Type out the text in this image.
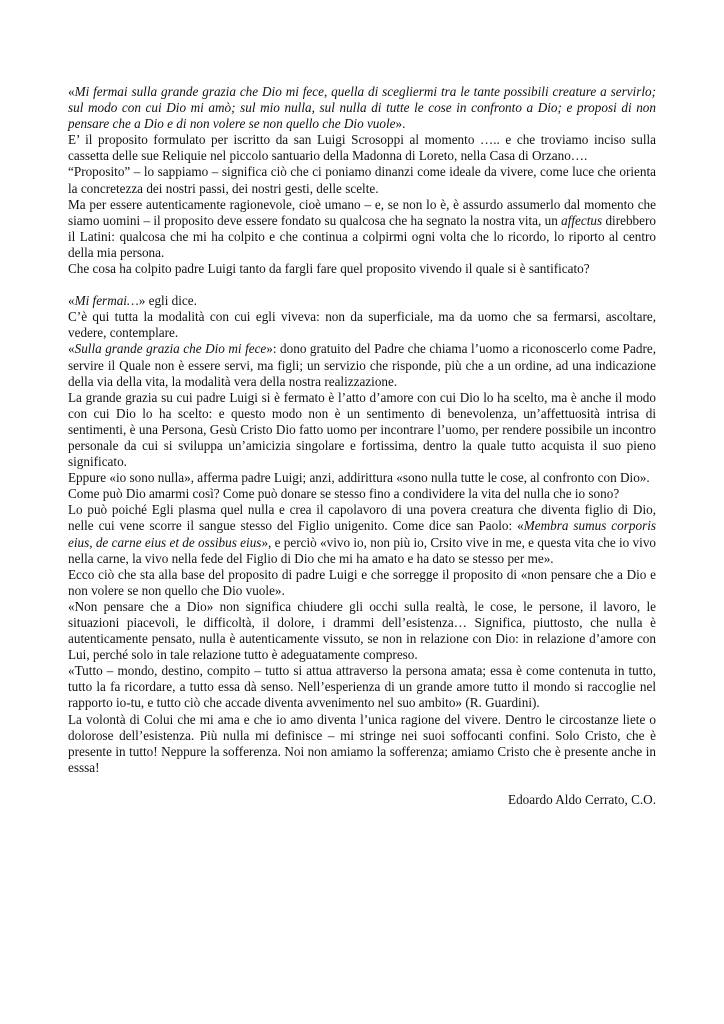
«Mi fermai sulla grande grazia che Dio mi fece, quella di scegliermi tra le tante possibili creature a servirlo; sul modo con cui Dio mi amò; sul mio nulla, sul nulla di tutte le cose in confronto a Dio; e proposi di non pensare che a Dio e di non volere se non quello che Dio vuole».

E’ il proposito formulato per iscritto da san Luigi Scrosoppi al momento ….. e che troviamo inciso sulla cassetta delle sue Reliquie nel piccolo santuario della Madonna di Loreto, nella Casa di Orzano….

“Proposito” – lo sappiamo – significa ciò che ci poniamo dinanzi come ideale da vivere, come luce che orienta la concretezza dei nostri passi, dei nostri gesti, delle scelte.

Ma per essere autenticamente ragionevole, cioè umano – e, se non lo è, è assurdo assumerlo dal momento che siamo uomini – il proposito deve essere fondato su qualcosa che ha segnato la nostra vita, un affectus direbbero il Latini: qualcosa che mi ha colpito e che continua a colpirmi ogni volta che lo ricordo, lo riporto al centro della mia persona.

Che cosa ha colpito padre Luigi tanto da fargli fare quel proposito vivendo il quale si è santificato?

«Mi fermai…» egli dice.

C’è qui tutta la modalità con cui egli viveva: non da superficiale, ma da uomo che sa fermarsi, ascoltare, vedere, contemplare.

«Sulla grande grazia che Dio mi fece»: dono gratuito del Padre che chiama l’uomo a riconoscerlo come Padre, servire il Quale non è essere servi, ma figli; un servizio che risponde, più che a un ordine, ad una indicazione della via della vita, la modalità vera della nostra realizzazione.

La grande grazia su cui padre Luigi si è fermato è l’atto d’amore con cui Dio lo ha scelto, ma è anche il modo con cui Dio lo ha scelto: e questo modo non è un sentimento di benevolenza, un’affettuosità intrisa di sentimenti, è una Persona, Gesù Cristo Dio fatto uomo per incontrare l’uomo, per rendere possibile un incontro personale da cui si sviluppa un’amicizia singolare e fortissima, dentro la quale tutto acquista il suo pieno significato.

Eppure «io sono nulla», afferma padre Luigi; anzi, addirittura «sono nulla tutte le cose, al confronto con Dio».

Come può Dio amarmi così? Come può donare se stesso fino a condividere la vita del nulla che io sono?

Lo può poiché Egli plasma quel nulla e crea il capolavoro di una povera creatura che diventa figlio di Dio, nelle cui vene scorre il sangue stesso del Figlio unigenito. Come dice san Paolo: «Membra sumus corporis eius, de carne eius et de ossibus eius», e perciò «vivo io, non più io, Crsito vive in me, e questa vita che io vivo nella carne, la vivo nella fede del Figlio di Dio che mi ha amato e ha dato se stesso per me».

Ecco ciò che sta alla base del proposito di padre Luigi e che sorregge il proposito di «non pensare che a Dio e non volere se non quello che Dio vuole».

«Non pensare che a Dio» non significa chiudere gli occhi sulla realtà, le cose, le persone, il lavoro, le situazioni piacevoli, le difficoltà, il dolore, i drammi dell’esistenza… Significa, piuttosto, che nulla è autenticamente pensato, nulla è autenticamente vissuto, se non in relazione con Dio: in relazione d’amore con Lui, perché solo in tale relazione tutto è adeguatamente compreso.

«Tutto – mondo, destino, compito – tutto si attua attraverso la persona amata; essa è come contenuta in tutto, tutto la fa ricordare, a tutto essa dà senso. Nell’esperienza di un grande amore tutto il mondo si raccoglie nel rapporto io-tu, e tutto ciò che accade diventa avvenimento nel suo ambito» (R. Guardini).

La volontà di Colui che mi ama e che io amo diventa l’unica ragione del vivere. Dentro le circostanze liete o dolorose dell’esistenza. Più nulla mi definisce – mi stringe nei suoi soffocanti confini. Solo Cristo, che è presente in tutto! Neppure la sofferenza. Noi non amiamo la sofferenza; amiamo Cristo che è presente anche in esssa!

Edoardo Aldo Cerrato, C.O.
